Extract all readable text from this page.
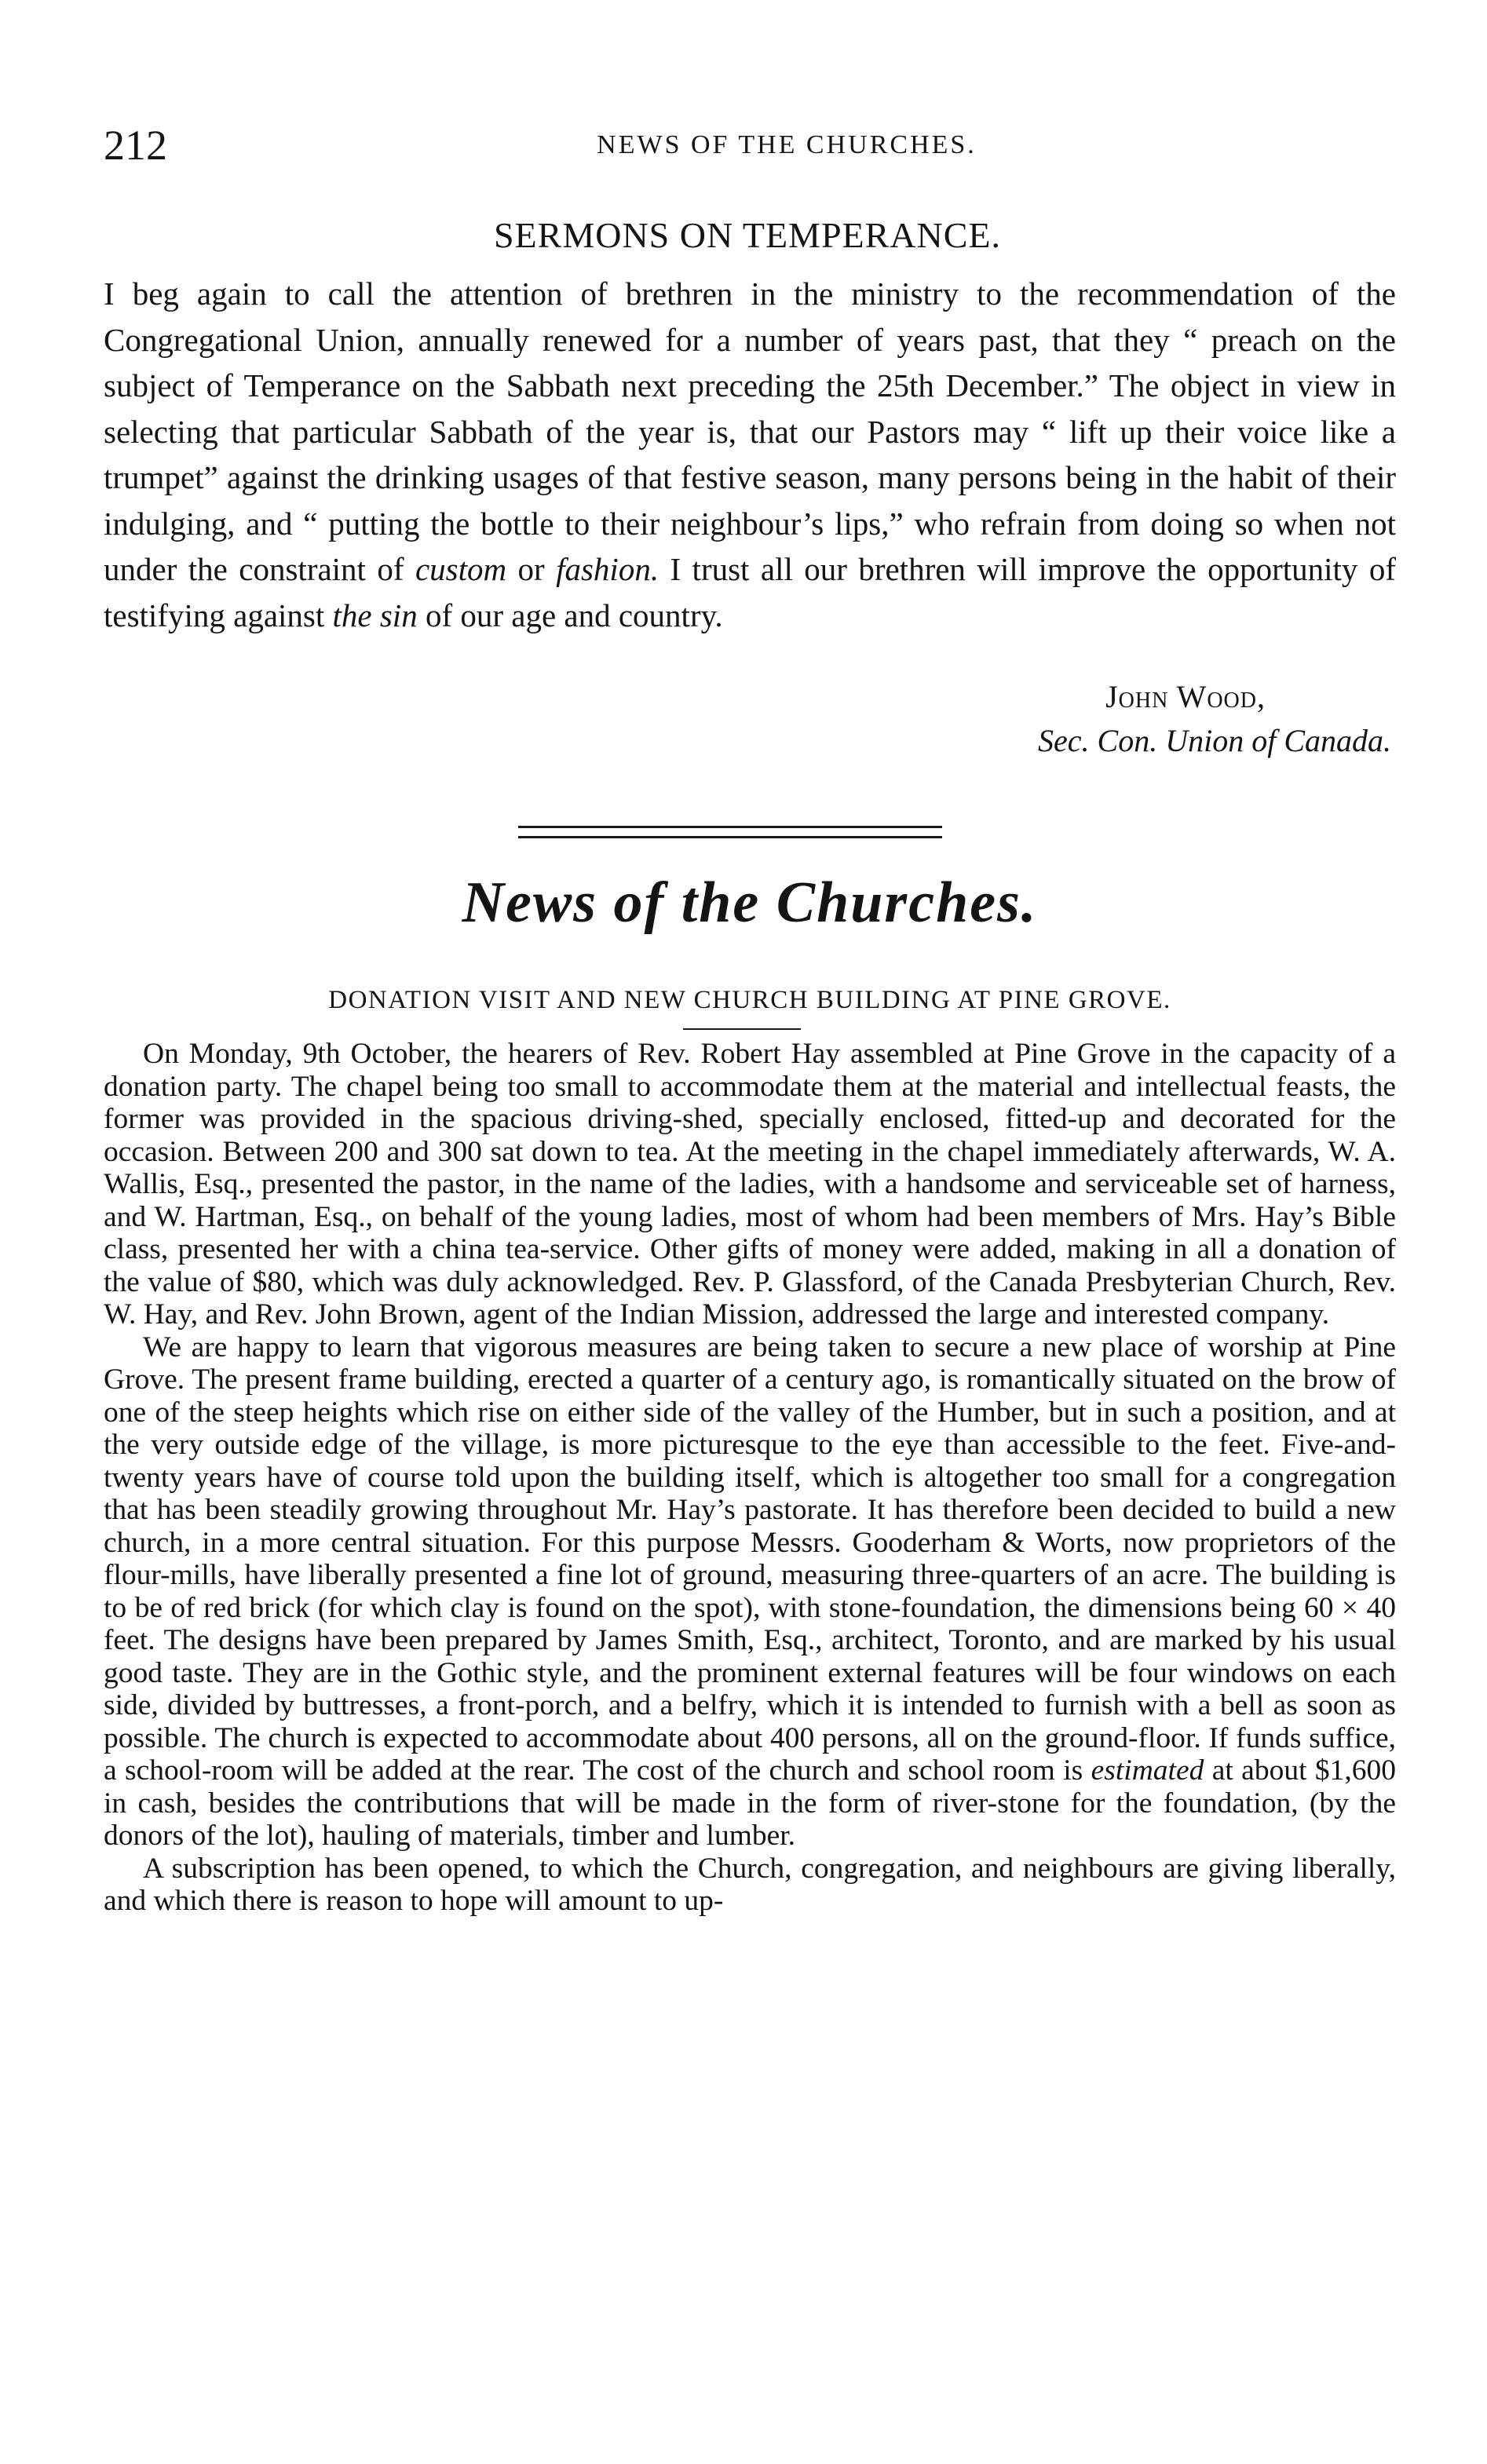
212	NEWS OF THE CHURCHES.
SERMONS ON TEMPERANCE.

I beg again to call the attention of brethren in the ministry to the recommendation of the Congregational Union, annually renewed for a number of years past, that they “ preach on the subject of Temperance on the Sabbath next preceding the 25th December.” The object in view in selecting that particular Sabbath of the year is, that our Pastors may “ lift up their voice like a trumpet” against the drinking usages of that festive season, many persons being in the habit of their indulging, and “ putting the bottle to their neighbour’s lips,” who refrain from doing so when not under the constraint of custom or fashion. I trust all our brethren will improve the opportunity of testifying against the sin of our age and country.

John Wood,
Sec. Con. Union of Canada.
News of the Churches.
DONATION VISIT AND NEW CHURCH BUILDING AT PINE GROVE.

On Monday, 9th October, the hearers of Rev. Robert Hay assembled at Pine Grove in the capacity of a donation party. The chapel being too small to accommodate them at the material and intellectual feasts, the former was provided in the spacious driving-shed, specially enclosed, fitted-up and decorated for the occasion. Between 200 and 300 sat down to tea. At the meeting in the chapel immediately afterwards, W. A. Wallis, Esq., presented the pastor, in the name of the ladies, with a handsome and serviceable set of harness, and W. Hartman, Esq., on behalf of the young ladies, most of whom had been members of Mrs. Hay’s Bible class, presented her with a china tea-service. Other gifts of money were added, making in all a donation of the value of $80, which was duly acknowledged. Rev. P. Glassford, of the Canada Presbyterian Church, Rev. W. Hay, and Rev. John Brown, agent of the Indian Mission, addressed the large and interested company.

We are happy to learn that vigorous measures are being taken to secure a new place of worship at Pine Grove. The present frame building, erected a quarter of a century ago, is romantically situated on the brow of one of the steep heights which rise on either side of the valley of the Humber, but in such a position, and at the very outside edge of the village, is more picturesque to the eye than accessible to the feet. Five-and-twenty years have of course told upon the building itself, which is altogether too small for a congregation that has been steadily growing throughout Mr. Hay’s pastorate. It has therefore been decided to build a new church, in a more central situation. For this purpose Messrs. Gooderham & Worts, now proprietors of the flour-mills, have liberally presented a fine lot of ground, measuring three-quarters of an acre. The building is to be of red brick (for which clay is found on the spot), with stone-foundation, the dimensions being 60 × 40 feet. The designs have been prepared by James Smith, Esq., architect, Toronto, and are marked by his usual good taste. They are in the Gothic style, and the prominent external features will be four windows on each side, divided by buttresses, a front-porch, and a belfry, which it is intended to furnish with a bell as soon as possible. The church is expected to accommodate about 400 persons, all on the ground-floor. If funds suffice, a school-room will be added at the rear. The cost of the church and school room is estimated at about $1,600 in cash, besides the contributions that will be made in the form of river-stone for the foundation, (by the donors of the lot), hauling of materials, timber and lumber.

A subscription has been opened, to which the Church, congregation, and neighbours are giving liberally, and which there is reason to hope will amount to up-
